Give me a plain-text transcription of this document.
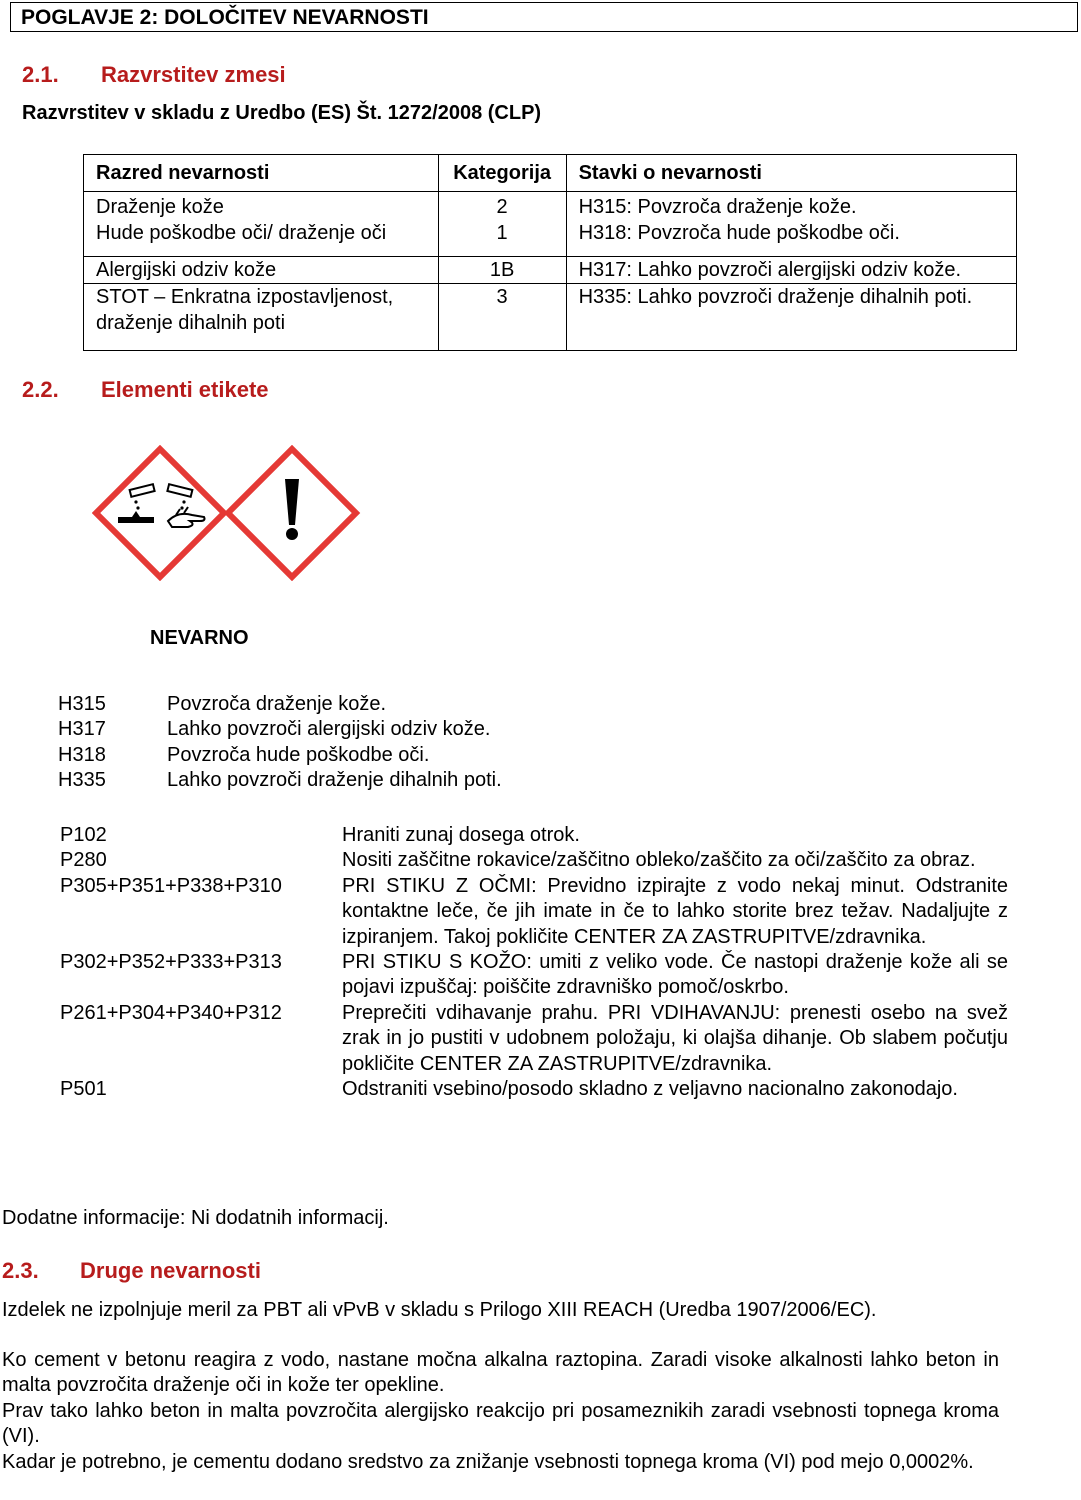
POGLAVJE 2: DOLOČITEV NEVARNOSTI
2.1. Razvrstitev zmesi
Razvrstitev v skladu z Uredbo (ES) Št. 1272/2008 (CLP)
Razred nevarnosti	Kategorija	Stavki o nevarnosti
Draženje kože	2	H315: Povzroča draženje kože.
Hude poškodbe oči/ draženje oči	1	H318: Povzroča hude poškodbe oči.
Alergijski odziv kože	1B	H317: Lahko povzroči alergijski odziv kože.
STOT – Enkratna izpostavljenost, draženje dihalnih poti	3	H335: Lahko povzroči draženje dihalnih poti.
2.2. Elementi etikete
NEVARNO
H315	Povzroča draženje kože.
H317	Lahko povzroči alergijski odziv kože.
H318	Povzroča hude poškodbe oči.
H335	Lahko povzroči draženje dihalnih poti.
P102	Hraniti zunaj dosega otrok.
P280	Nositi zaščitne rokavice/zaščitno obleko/zaščito za oči/zaščito za obraz.
P305+P351+P338+P310	PRI STIKU Z OČMI: Previdno izpirajte z vodo nekaj minut. Odstranite kontaktne leče, če jih imate in če to lahko storite brez težav. Nadaljujte z izpiranjem. Takoj pokličite CENTER ZA ZASTRUPITVE/zdravnika.
P302+P352+P333+P313	PRI STIKU S KOŽO: umiti z veliko vode. Če nastopi draženje kože ali se pojavi izpuščaj: poiščite zdravniško pomoč/oskrbo.
P261+P304+P340+P312	Preprečiti vdihavanje prahu. PRI VDIHAVANJU: prenesti osebo na svež zrak in jo pustiti v udobnem položaju, ki olajša dihanje. Ob slabem počutju pokličite CENTER ZA ZASTRUPITVE/zdravnika.
P501	Odstraniti vsebino/posodo skladno z veljavno nacionalno zakonodajo.
Dodatne informacije: Ni dodatnih informacij.
2.3. Druge nevarnosti
Izdelek ne izpolnjuje meril za PBT ali vPvB v skladu s Prilogo XIII REACH (Uredba 1907/2006/EC).
Ko cement v betonu reagira z vodo, nastane močna alkalna raztopina. Zaradi visoke alkalnosti lahko beton in malta povzročita draženje oči in kože ter opekline.
Prav tako lahko beton in malta povzročita alergijsko reakcijo pri posameznikih zaradi vsebnosti topnega kroma (VI).
Kadar je potrebno, je cementu dodano sredstvo za znižanje vsebnosti topnega kroma (VI) pod mejo 0,0002%.
